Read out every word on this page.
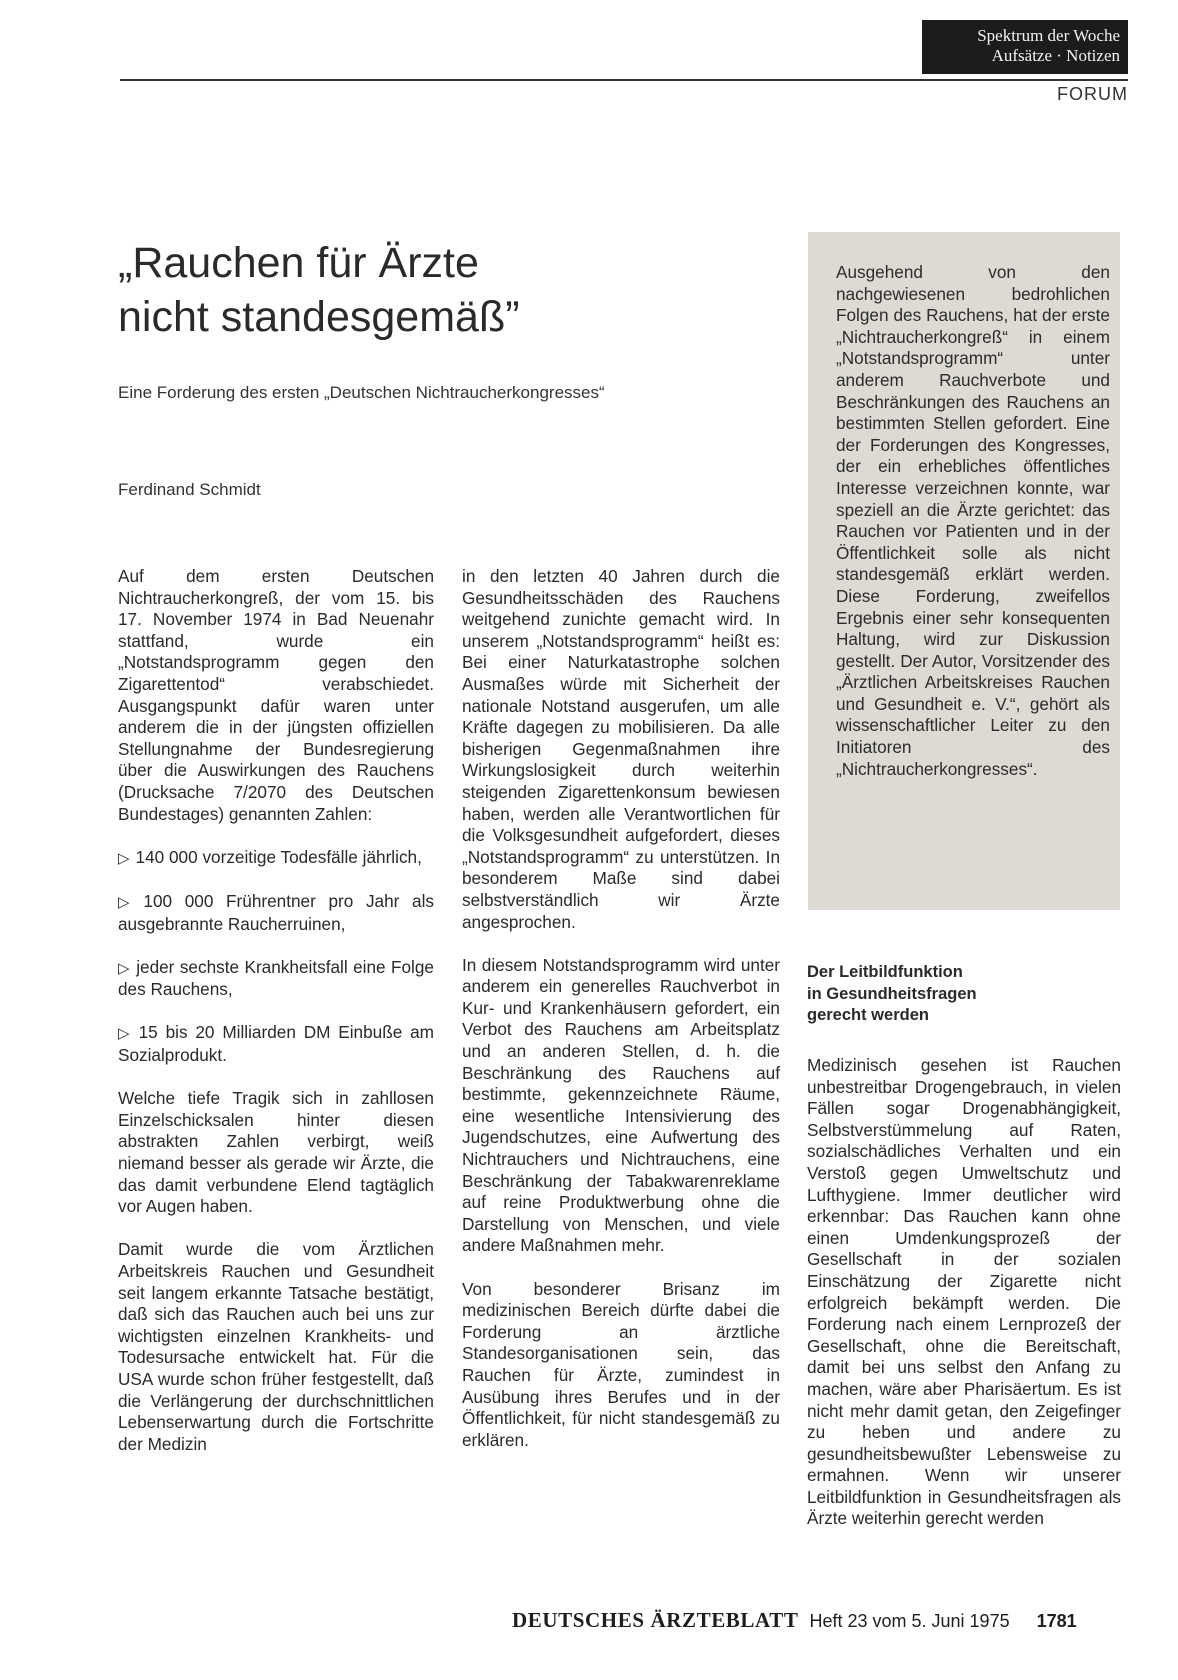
Spektrum der Woche
Aufsätze · Notizen
FORUM
„Rauchen für Ärzte
nicht standesgemäß”
Eine Forderung des ersten „Deutschen Nichtraucherkongresses“
Ferdinand Schmidt
Ausgehend von den nachgewiesenen bedrohlichen Folgen des Rauchens, hat der erste „Nichtraucherkongreß“ in einem „Notstandsprogramm“ unter anderem Rauchverbote und Beschränkungen des Rauchens an bestimmten Stellen gefordert. Eine der Forderungen des Kongresses, der ein erhebliches öffentliches Interesse verzeichnen konnte, war speziell an die Ärzte gerichtet: das Rauchen vor Patienten und in der Öffentlichkeit solle als nicht standesgemäß erklärt werden. Diese Forderung, zweifellos Ergebnis einer sehr konsequenten Haltung, wird zur Diskussion gestellt. Der Autor, Vorsitzender des „Ärztlichen Arbeitskreises Rauchen und Gesundheit e. V.“, gehört als wissenschaftlicher Leiter zu den Initiatoren des „Nichtraucherkongresses“.

Auf dem ersten Deutschen Nichtraucherkongreß, der vom 15. bis 17. November 1974 in Bad Neuenahr stattfand, wurde ein „Notstandsprogramm gegen den Zigarettentod“ verabschiedet. Ausgangspunkt dafür waren unter anderem die in der jüngsten offiziellen Stellungnahme der Bundesregierung über die Auswirkungen des Rauchens (Drucksache 7/2070 des Deutschen Bundestages) genannten Zahlen:

▷ 140 000 vorzeitige Todesfälle jährlich,

▷ 100 000 Frührentner pro Jahr als ausgebrannte Raucherruinen,

▷ jeder sechste Krankheitsfall eine Folge des Rauchens,

▷ 15 bis 20 Milliarden DM Einbuße am Sozialprodukt.

Welche tiefe Tragik sich in zahllosen Einzelschicksalen hinter diesen abstrakten Zahlen verbirgt, weiß niemand besser als gerade wir Ärzte, die das damit verbundene Elend tagtäglich vor Augen haben.

Damit wurde die vom Ärztlichen Arbeitskreis Rauchen und Gesundheit seit langem erkannte Tatsache bestätigt, daß sich das Rauchen auch bei uns zur wichtigsten einzelnen Krankheits- und Todesursache entwickelt hat. Für die USA wurde schon früher festgestellt, daß die Verlängerung der durchschnittlichen Lebenserwartung durch die Fortschritte der Medizin

in den letzten 40 Jahren durch die Gesundheitsschäden des Rauchens weitgehend zunichte gemacht wird. In unserem „Notstandsprogramm“ heißt es: Bei einer Naturkatastrophe solchen Ausmaßes würde mit Sicherheit der nationale Notstand ausgerufen, um alle Kräfte dagegen zu mobilisieren. Da alle bisherigen Gegenmaßnahmen ihre Wirkungslosigkeit durch weiterhin steigenden Zigarettenkonsum bewiesen haben, werden alle Verantwortlichen für die Volksgesundheit aufgefordert, dieses „Notstandsprogramm“ zu unterstützen. In besonderem Maße sind dabei selbstverständlich wir Ärzte angesprochen.

In diesem Notstandsprogramm wird unter anderem ein generelles Rauchverbot in Kur- und Krankenhäusern gefordert, ein Verbot des Rauchens am Arbeitsplatz und an anderen Stellen, d. h. die Beschränkung des Rauchens auf bestimmte, gekennzeichnete Räume, eine wesentliche Intensivierung des Jugendschutzes, eine Aufwertung des Nichtrauchers und Nichtrauchens, eine Beschränkung der Tabakwarenreklame auf reine Produktwerbung ohne die Darstellung von Menschen, und viele andere Maßnahmen mehr.

Von besonderer Brisanz im medizinischen Bereich dürfte dabei die Forderung an ärztliche Standesorganisationen sein, das Rauchen für Ärzte, zumindest in Ausübung ihres Berufes und in der Öffentlichkeit, für nicht standesgemäß zu erklären.

Der Leitbildfunktion
in Gesundheitsfragen
gerecht werden

Medizinisch gesehen ist Rauchen unbestreitbar Drogengebrauch, in vielen Fällen sogar Drogenabhängigkeit, Selbstverstümmelung auf Raten, sozialschädliches Verhalten und ein Verstoß gegen Umweltschutz und Lufthygiene. Immer deutlicher wird erkennbar: Das Rauchen kann ohne einen Umdenkungsprozeß der Gesellschaft in der sozialen Einschätzung der Zigarette nicht erfolgreich bekämpft werden. Die Forderung nach einem Lernprozeß der Gesellschaft, ohne die Bereitschaft, damit bei uns selbst den Anfang zu machen, wäre aber Pharisäertum. Es ist nicht mehr damit getan, den Zeigefinger zu heben und andere zu gesundheitsbewußter Lebensweise zu ermahnen. Wenn wir unserer Leitbildfunktion in Gesundheitsfragen als Ärzte weiterhin gerecht werden

DEUTSCHES ÄRZTEBLATT Heft 23 vom 5. Juni 1975 1781
